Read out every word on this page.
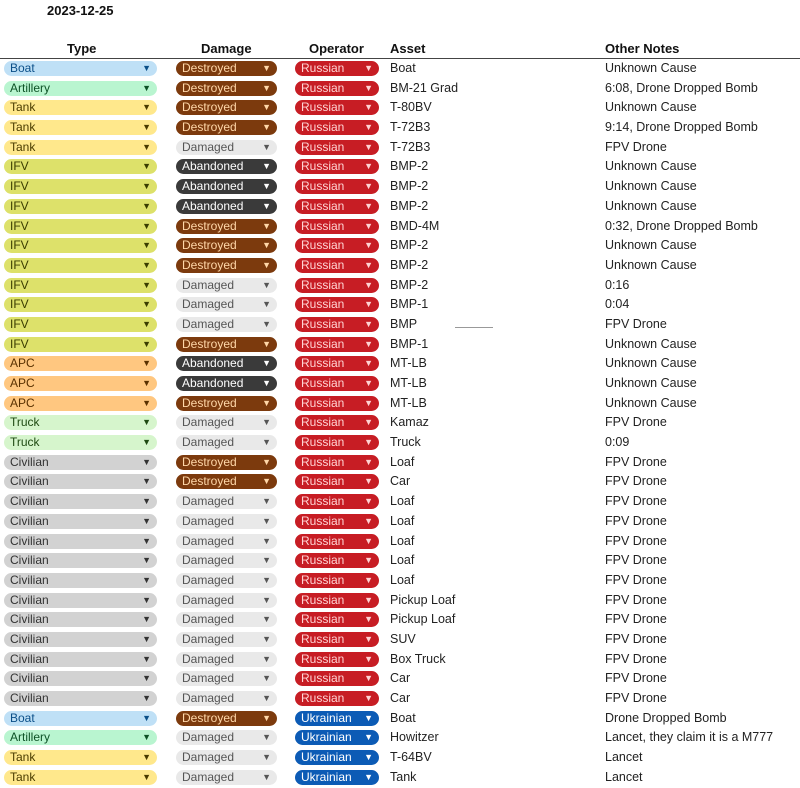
2023-12-25
Type	Damage	Operator Asset	Other Notes
Boat	▼	Destroyed	▼	Russian ▼ Boat	Unknown Cause
Artillery	▼	Destroyed	▼	Russian ▼ BM-21 Grad	6:08, Drone Dropped Bomb
Tank	▼	Destroyed	▼	Russian ▼ T-80BV	Unknown Cause
Tank	▼	Destroyed	▼	Russian ▼ T-72B3	9:14, Drone Dropped Bomb
Tank	▼	Damaged	▼	Russian ▼ T-72B3	FPV Drone
IFV	▼	Abandoned ▼	Russian ▼ BMP-2	Unknown Cause
IFV	▼	Abandoned ▼	Russian ▼ BMP-2	Unknown Cause
IFV	▼	Abandoned ▼	Russian ▼ BMP-2	Unknown Cause
IFV	▼	Destroyed	▼	Russian ▼ BMD-4M	0:32, Drone Dropped Bomb
IFV	▼	Destroyed	▼	Russian ▼ BMP-2	Unknown Cause
IFV	▼	Destroyed	▼	Russian ▼ BMP-2	Unknown Cause
IFV	▼	Damaged	▼	Russian ▼ BMP-2	0:16
IFV	▼	Damaged	▼	Russian ▼ BMP-1	0:04
IFV	▼	Damaged	▼	Russian ▼ BMP	FPV Drone
IFV	▼	Destroyed	▼	Russian ▼ BMP-1	Unknown Cause
APC	▼	Abandoned ▼	Russian ▼ MT-LB	Unknown Cause
APC	▼	Abandoned ▼	Russian ▼ MT-LB	Unknown Cause
APC	▼	Destroyed	▼	Russian ▼ MT-LB	Unknown Cause
Truck	▼	Damaged	▼	Russian ▼ Kamaz	FPV Drone
Truck	▼	Damaged	▼	Russian ▼ Truck	0:09
Civilian	▼	Destroyed	▼	Russian ▼ Loaf	FPV Drone
Civilian	▼	Destroyed	▼	Russian ▼ Car	FPV Drone
Civilian	▼	Damaged	▼	Russian ▼ Loaf	FPV Drone
Civilian	▼	Damaged	▼	Russian ▼ Loaf	FPV Drone
Civilian	▼	Damaged	▼	Russian ▼ Loaf	FPV Drone
Civilian	▼	Damaged	▼	Russian ▼ Loaf	FPV Drone
Civilian	▼	Damaged	▼	Russian ▼ Loaf	FPV Drone
Civilian	▼	Damaged	▼	Russian ▼ Pickup Loaf	FPV Drone
Civilian	▼	Damaged	▼	Russian ▼ Pickup Loaf	FPV Drone
Civilian	▼	Damaged	▼	Russian ▼ SUV	FPV Drone
Civilian	▼	Damaged	▼	Russian ▼ Box Truck	FPV Drone
Civilian	▼	Damaged	▼	Russian ▼ Car	FPV Drone
Civilian	▼	Damaged	▼	Russian ▼ Car	FPV Drone
Boat	▼	Destroyed	▼	Ukrainian ▼ Boat	Drone Dropped Bomb
Artillery	▼	Damaged	▼	Ukrainian ▼ Howitzer	Lancet, they claim it is a M777
Tank	▼	Damaged	▼	Ukrainian ▼ T-64BV	Lancet
Tank	▼	Damaged	▼	Ukrainian ▼ Tank	Lancet
